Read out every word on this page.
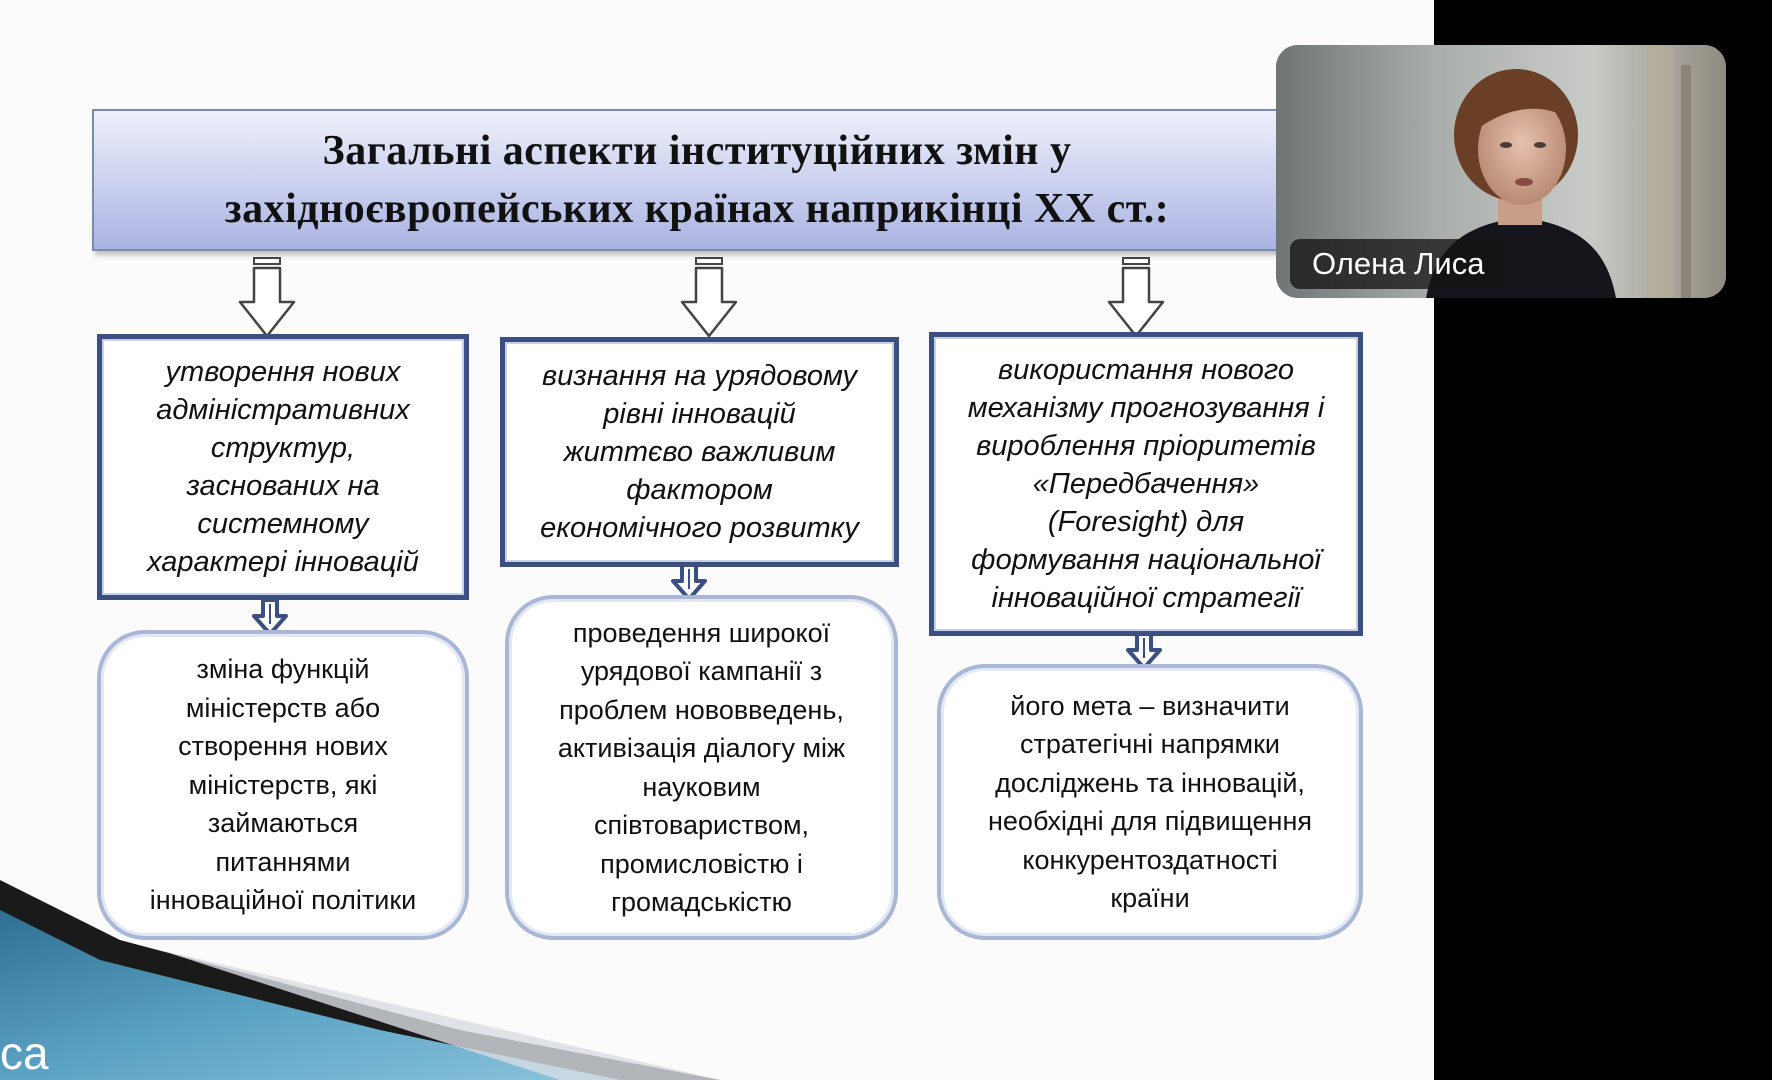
Загальні аспекти інституційних змін у
західноєвропейських країнах наприкінці XX ст.:
утворення нових
адміністративних
структур,
заснованих на
системному
характері інновацій
зміна функцій
міністерств або
створення нових
міністерств, які
займаються
питаннями
інноваційної політики
визнання на урядовому
рівні інновацій
життєво важливим
фактором
економічного розвитку
проведення широкої
урядової кампанії з
проблем нововведень,
активізація діалогу між
науковим
співтовариством,
промисловістю і
громадськістю
використання нового
механізму прогнозування і
вироблення пріоритетів
«Передбачення»
(Foresight) для
формування національної
інноваційної стратегії
його мета – визначити
стратегічні напрямки
досліджень та інновацій,
необхідні для підвищення
конкурентоздатності
країни
са
Олена Лиса
